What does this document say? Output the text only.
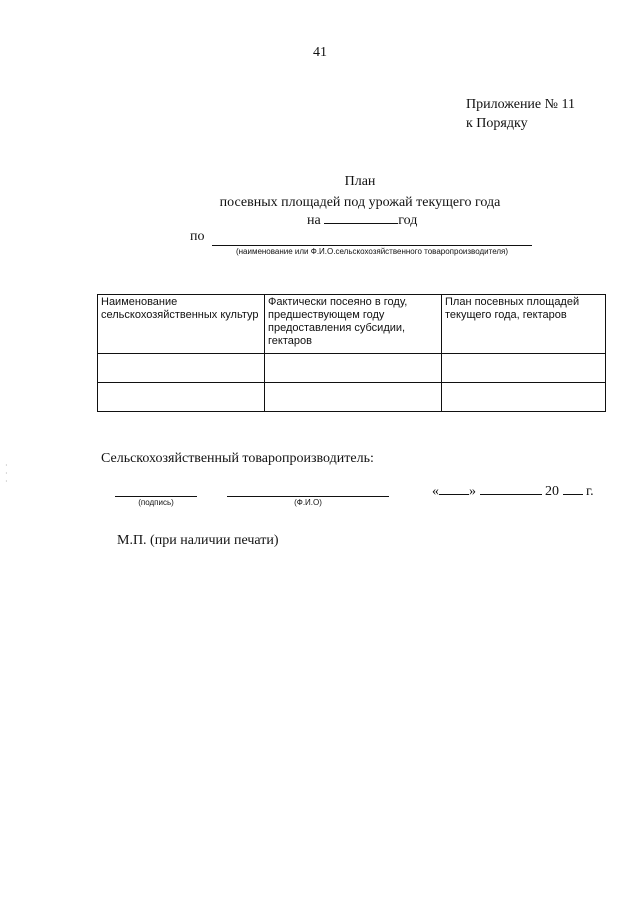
41
Приложение № 11
к Порядку
План
посевных площадей под урожай текущего года
на	год
по
(наименование или Ф.И.О.сельскохозяйственного товаропроизводителя)
Наименование сельскохозяйственных культур	Фактически посеяно в году, предшествующем году предоставления субсидии, гектаров	План посевных площадей текущего года, гектаров

Сельскохозяйственный товаропроизводитель:
(подпись)	(Ф.И.О)
« »	20 г.
М.П. (при наличии печати)
·
·
·
